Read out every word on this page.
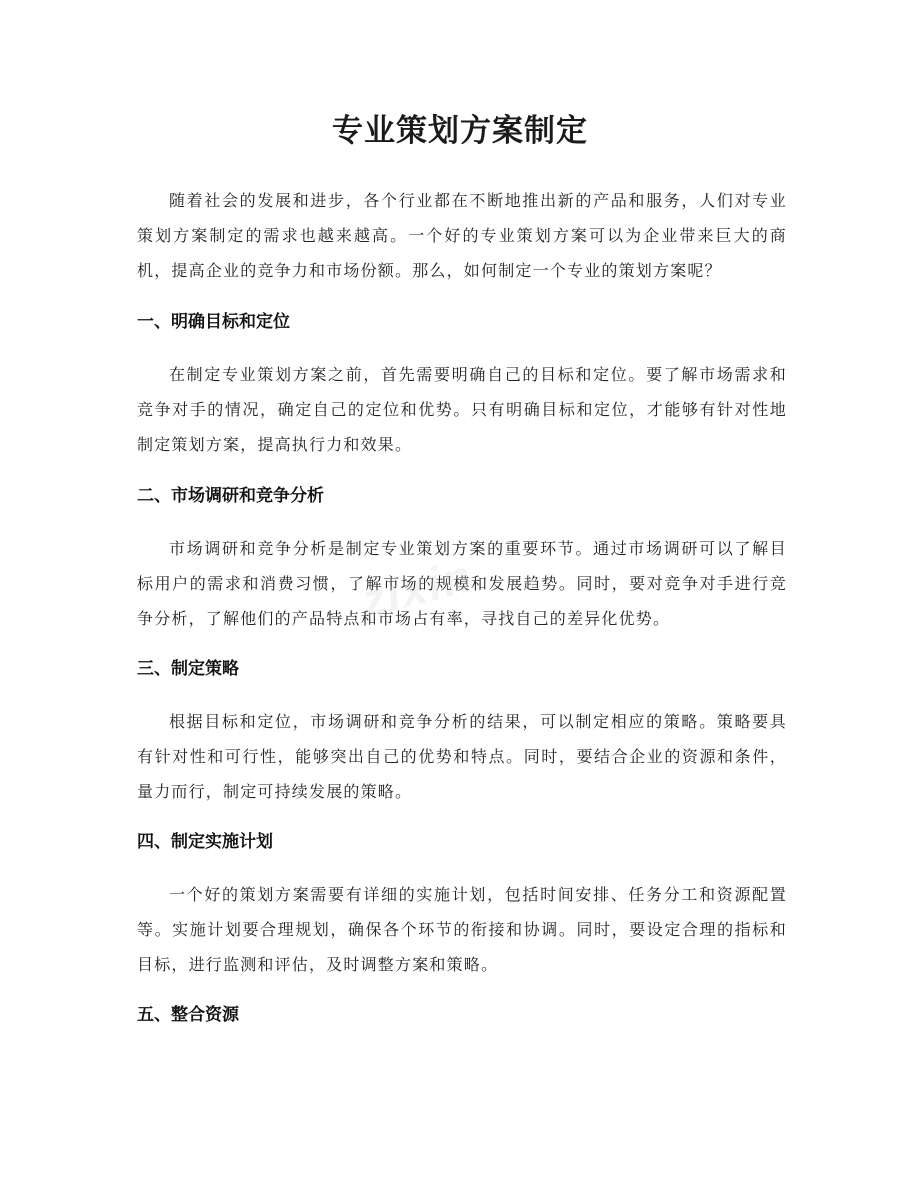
专业策划方案制定

随着社会的发展和进步，各个行业都在不断地推出新的产品和服务，人们对专业策划方案制定的需求也越来越高。一个好的专业策划方案可以为企业带来巨大的商机，提高企业的竞争力和市场份额。那么，如何制定一个专业的策划方案呢？

一、明确目标和定位

在制定专业策划方案之前，首先需要明确自己的目标和定位。要了解市场需求和竞争对手的情况，确定自己的定位和优势。只有明确目标和定位，才能够有针对性地制定策划方案，提高执行力和效果。

二、市场调研和竞争分析

市场调研和竞争分析是制定专业策划方案的重要环节。通过市场调研可以了解目标用户的需求和消费习惯，了解市场的规模和发展趋势。同时，要对竞争对手进行竞争分析，了解他们的产品特点和市场占有率，寻找自己的差异化优势。

三、制定策略

根据目标和定位，市场调研和竞争分析的结果，可以制定相应的策略。策略要具有针对性和可行性，能够突出自己的优势和特点。同时，要结合企业的资源和条件，量力而行，制定可持续发展的策略。

四、制定实施计划

一个好的策划方案需要有详细的实施计划，包括时间安排、任务分工和资源配置等。实施计划要合理规划，确保各个环节的衔接和协调。同时，要设定合理的指标和目标，进行监测和评估，及时调整方案和策略。

五、整合资源
zixin
